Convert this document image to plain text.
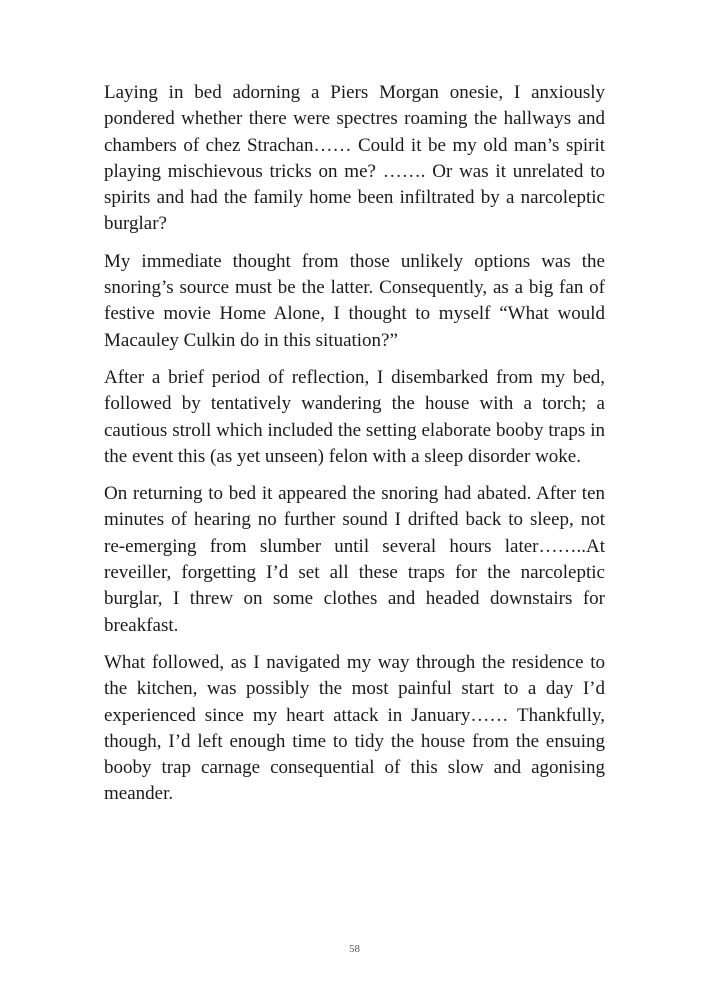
Laying in bed adorning a Piers Morgan onesie, I anxiously pondered whether there were spectres roaming the hallways and chambers of chez Strachan…… Could it be my old man’s spirit playing mischievous tricks on me? ……. Or was it unrelated to spirits and had the family home been infiltrated by a narcoleptic burglar?

My immediate thought from those unlikely options was the snoring’s source must be the latter. Consequently, as a big fan of festive movie Home Alone, I thought to myself “What would Macauley Culkin do in this situation?”

After a brief period of reflection, I disembarked from my bed, followed by tentatively wandering the house with a torch; a cautious stroll which included the setting elaborate booby traps in the event this (as yet unseen) felon with a sleep disorder woke.

On returning to bed it appeared the snoring had abated. After ten minutes of hearing no further sound I drifted back to sleep, not re-emerging from slumber until several hours later……..At reveiller, forgetting I’d set all these traps for the narcoleptic burglar, I threw on some clothes and headed downstairs for breakfast.

What followed, as I navigated my way through the residence to the kitchen, was possibly the most painful start to a day I’d experienced since my heart attack in January…… Thankfully, though, I’d left enough time to tidy the house from the ensuing booby trap carnage consequential of this slow and agonising meander.

58
